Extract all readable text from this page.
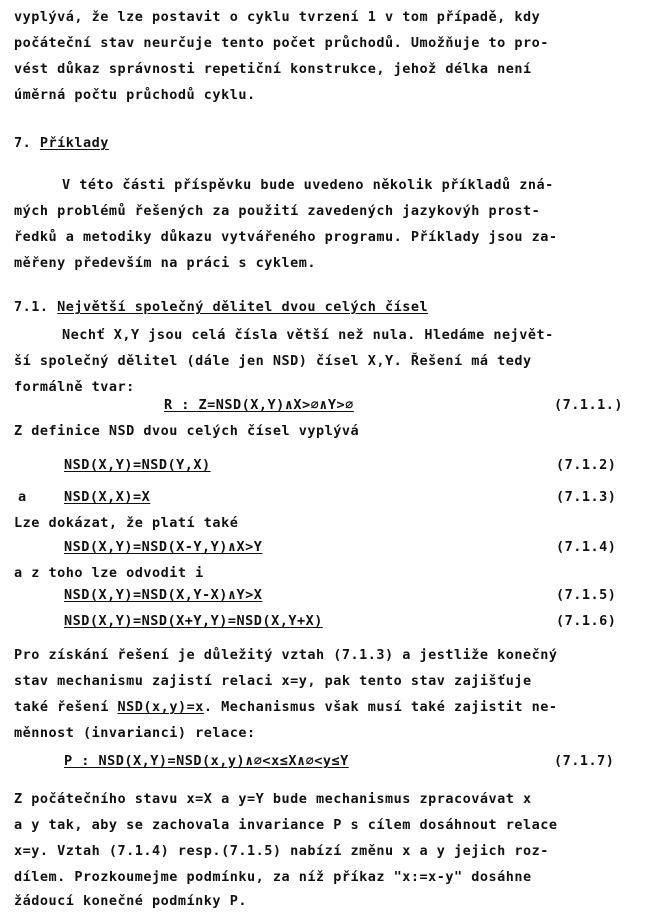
vyplývá, že lze postavit o cyklu tvrzení 1 v tom případě, kdy
počáteční stav neurčuje tento počet průchodů. Umožňuje to pro-
vést důkaz správnosti repetiční konstrukce, jehož délka není
úměrná počtu průchodů cyklu.
7. Příklady
V této části příspěvku bude uvedeno několik příkladů zná-
mých problémů řešených za použití zavedených jazykovýh prost-
ředků a metodiky důkazu vytvářeného programu. Příklady jsou za-
měřeny především na práci s cyklem.
7.1. Největší společný dělitel dvou celých čísel
Nechť X,Y jsou celá čísla větší než nula. Hledáme největ-
ší společný dělitel (dále jen NSD) čísel X,Y. Řešení má tedy
formálně tvar:
R : Z=NSD(X,Y)∧X>∅∧Y>∅	(7.1.1.)
Z definice NSD dvou celých čísel vyplývá
NSD(X,Y)=NSD(Y,X)	(7.1.2)
a	NSD(X,X)=X	(7.1.3)
Lze dokázat, že platí také
NSD(X,Y)=NSD(X-Y,Y)∧X>Y	(7.1.4)
a z toho lze odvodit i
NSD(X,Y)=NSD(X,Y-X)∧Y>X	(7.1.5)
NSD(X,Y)=NSD(X+Y,Y)=NSD(X,Y+X)	(7.1.6)
Pro získání řešení je důležitý vztah (7.1.3) a jestliže konečný
stav mechanismu zajistí relaci x=y, pak tento stav zajišťuje
také řešení NSD(x,y)=x. Mechanismus však musí také zajistit ne-
měnnost (invarianci) relace:
P : NSD(X,Y)=NSD(x,y)∧∅<x≤X∧∅<y≤Y	(7.1.7)
Z počátečního stavu x=X a y=Y bude mechanismus zpracovávat x
a y tak, aby se zachovala invariance P s cílem dosáhnout relace
x=y. Vztah (7.1.4) resp.(7.1.5) nabízí změnu x a y jejich roz-
dílem. Prozkoumejme podmínku, za níž příkaz "x:=x-y" dosáhne
žádoucí konečné podmínky P.
